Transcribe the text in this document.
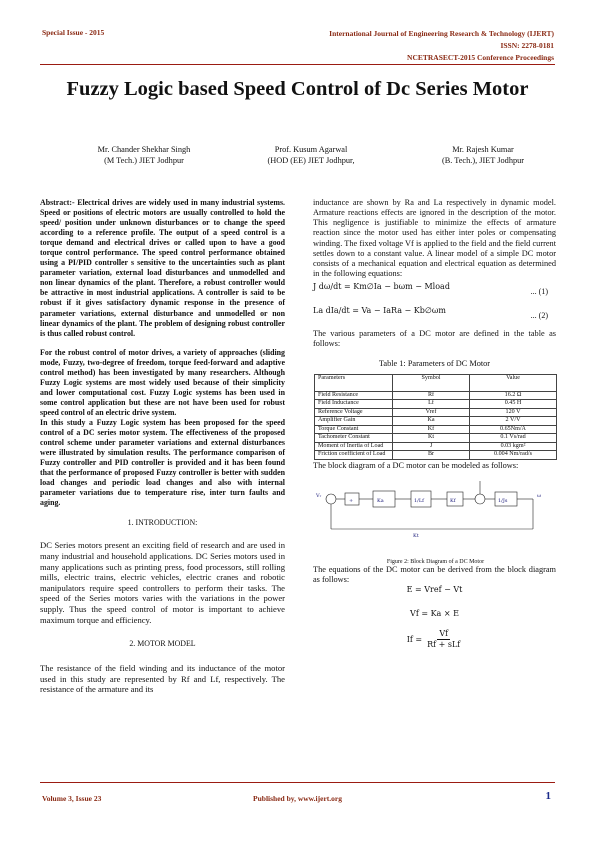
Special Issue - 2015	International Journal of Engineering Research & Technology (IJERT)
ISSN: 2278-0181
NCETRASECT-2015 Conference Proceedings
Fuzzy Logic based Speed Control of Dc Series Motor
Mr. Chander Shekhar Singh
(M Tech.) JIET Jodhpur
Prof. Kusum Agarwal
(HOD (EE) JIET Jodhpur,
Mr. Rajesh Kumar
(B. Tech.), JIET Jodhpur

Abstract:- Electrical drives are widely used in many industrial systems. Speed or positions of electric motors are usually controlled to hold the speed/ position under unknown disturbances or to change the speed according to a reference profile. The output of a speed control is a torque demand and electrical drives or called upon to have a good torque control performance. The speed control performance obtained using a PI/PID controller s sensitive to the uncertainties such as plant parameter variation, external load disturbances and unmodelled and non linear dynamics of the plant. Therefore, a robust controller would be attractive in most industrial applications. A controller is said to be robust if it gives satisfactory dynamic response in the presence of parameter variations, external disturbance and unmodelled or non linear dynamics of the plant. The problem of designing robust controller is thus called robust control.

For the robust control of motor drives, a variety of approaches (sliding mode, Fuzzy, two-degree of freedom, torque feed-forward and adaptive control method) has been investigated by many researchers. Although Fuzzy Logic systems are most widely used because of their simplicity and lower computational cost. Fuzzy Logic systems has been used in some control application but these are not have been used for robust speed control of an electric drive system.

In this study a Fuzzy Logic system has been proposed for the speed control of a DC series motor system. The effectiveness of the proposed control scheme under parameter variations and external disturbances were illustrated by simulation results. The performance comparison of Fuzzy controller and PID controller is provided and it has been found that the performance of proposed Fuzzy controller is better with sudden load changes and periodic load changes and also with internal parameter variations due to temperature rise, inter turn faults and aging.

1. INTRODUCTION:

DC Series motors present an exciting field of research and are used in many industrial and household applications. DC Series motors used in many applications such as printing press, food processors, still rolling mills, electric trains, electric vehicles, electric cranes and robotic manipulators require speed controllers to perform their tasks. The speed of the Series motors varies with the variations in the power supply. Thus the speed control of motor is important to achieve maximum torque and efficiency.

2. MOTOR MODEL

The resistance of the field winding and its inductance of the motor used in this study are represented by Rf and Lf, respectively. The resistance of the armature and its

inductance are shown by Ra and La respectively in dynamic model. Armature reactions effects are ignored in the description of the motor. This negligence is justifiable to minimize the effects of armature reaction since the motor used has either inter poles or compensating winding. The fixed voltage Vf is applied to the field and the field current settles down to a constant value. A linear model of a simple DC motor consists of a mechanical equation and electrical equation as determined in the following equations:

J dω/dt = Km∅Ia − bωm − Mload
... (1)
La dIa/dt = Va − IaRa − Kb∅ωm
... (2)

The various parameters of a DC motor are defined in the table as follows:

Table 1: Parameters of DC Motor

Parameters	Symbol	Value
Field Resistance	Rf	16.2 Ω
Field Inductance	Lf	0.45 H
Reference Voltage	Vref	120 V
Amplifier Gain	Ka	2 V/V
Torque Constant	Kf	0.65Nm/A
Tachometer Constant	Kt	0.1 Vs/rad
Moment of Inertia of Load	J	0.03 kgm²
Friction coefficient of Load	Br	0.004 Nm/rad/s

The block diagram of a DC motor can be modeled as follows:

Vᵣ
+	Ka	1/Lf	Kf	1/Js
ω
Kt
Figure 2: Block Diagram of a DC Motor

The equations of the DC motor can be derived from the block diagram as follows:

E = Vref − Vt
Vf = Ka × E
If =
Vf
Rf + sLf
Volume 3, Issue 23	Published by, www.ijert.org	1
